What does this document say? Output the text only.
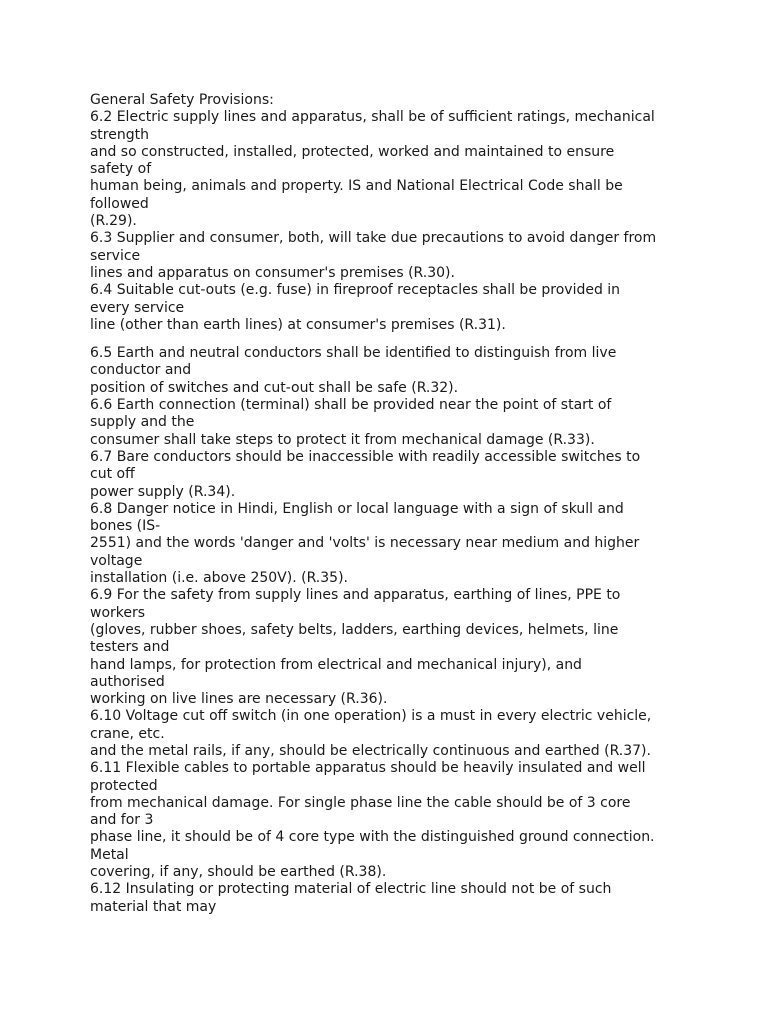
General Safety Provisions:
6.2 Electric supply lines and apparatus, shall be of sufficient ratings, mechanical
strength
and so constructed, installed, protected, worked and maintained to ensure
safety of
human being, animals and property. IS and National Electrical Code shall be
followed
(R.29).
6.3 Supplier and consumer, both, will take due precautions to avoid danger from
service
lines and apparatus on consumer's premises (R.30).
6.4 Suitable cut-outs (e.g. fuse) in fireproof receptacles shall be provided in
every service
line (other than earth lines) at consumer's premises (R.31).
6.5 Earth and neutral conductors shall be identified to distinguish from live
conductor and
position of switches and cut-out shall be safe (R.32).
6.6 Earth connection (terminal) shall be provided near the point of start of
supply and the
consumer shall take steps to protect it from mechanical damage (R.33).
6.7 Bare conductors should be inaccessible with readily accessible switches to
cut off
power supply (R.34).
6.8 Danger notice in Hindi, English or local language with a sign of skull and
bones (IS-
2551) and the words 'danger and 'volts' is necessary near medium and higher
voltage
installation (i.e. above 250V). (R.35).
6.9 For the safety from supply lines and apparatus, earthing of lines, PPE to
workers
(gloves, rubber shoes, safety belts, ladders, earthing devices, helmets, line
testers and
hand lamps, for protection from electrical and mechanical injury), and
authorised
working on live lines are necessary (R.36).
6.10 Voltage cut off switch (in one operation) is a must in every electric vehicle,
crane, etc.
and the metal rails, if any, should be electrically continuous and earthed (R.37).
6.11 Flexible cables to portable apparatus should be heavily insulated and well
protected
from mechanical damage. For single phase line the cable should be of 3 core
and for 3
phase line, it should be of 4 core type with the distinguished ground connection.
Metal
covering, if any, should be earthed (R.38).
6.12 Insulating or protecting material of electric line should not be of such
material that may
